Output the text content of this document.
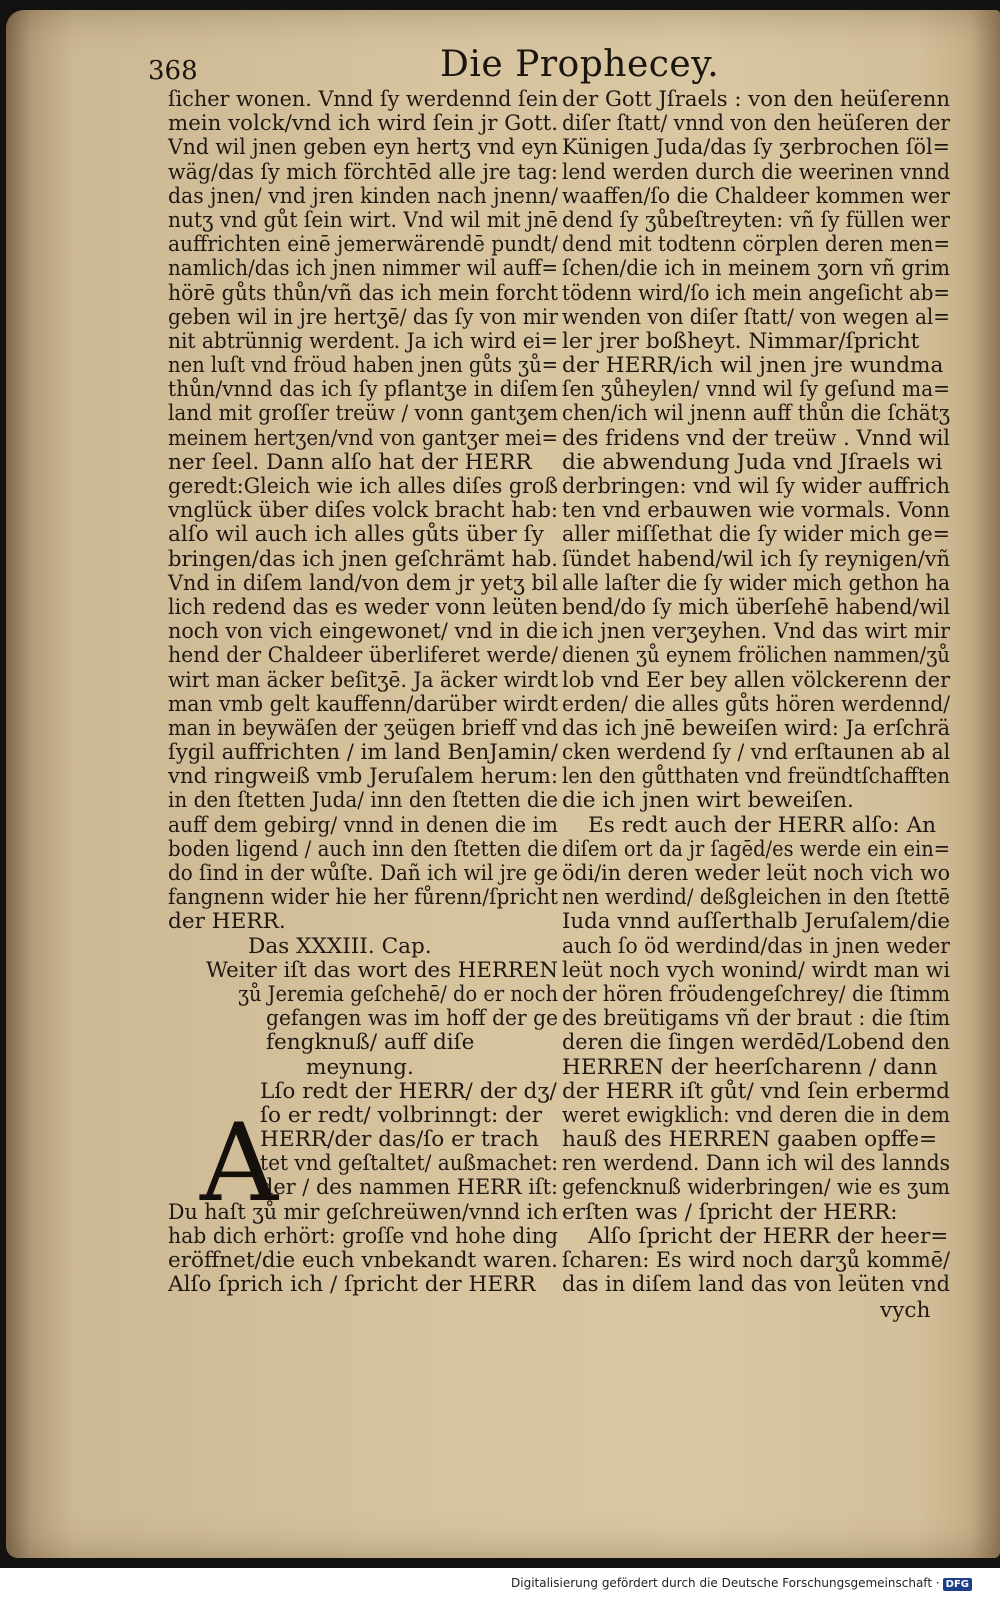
368	Die Prophecey.
ſicher wonen. Vnnd ſy werdennd ſein
mein volck/vnd ich wird ſein jr Gott.
Vnd wil jnen geben eyn hertʒ vnd eyn
wäg/das ſy mich förchtēd alle jre tag:
das jnen/ vnd jren kinden nach jnenn/
nutʒ vnd gůt ſein wirt. Vnd wil mit jnē
auffrichten einē jemerwärendē pundt/
namlich/das ich jnen nimmer wil auff=
hörē gůts thůn/vñ das ich mein forcht
geben wil in jre hertʒē/ das ſy von mir
nit abtrünnig werdent. Ja ich wird ei=
nen luſt vnd fröud haben jnen gůts ʒů=
thůn/vnnd das ich ſy pflantʒe in diſem
land mit groſſer treüw / vonn gantʒem
meinem hertʒen/vnd von gantʒer mei=
ner ſeel. Dann alſo hat der HERR
geredt:Gleich wie ich alles diſes groß
vnglück über diſes volck bracht hab:
alſo wil auch ich alles gůts über ſy
bringen/das ich jnen geſchrämt hab.
Vnd in diſem land/von dem jr yetʒ bil
lich redend das es weder vonn leüten
noch von vich eingewonet/ vnd in die
hend der Chaldeer überliferet werde/
wirt man äcker beſitʒē. Ja äcker wirdt
man vmb gelt kauffenn/darüber wirdt
man in beywäſen der ʒeügen brieff vnd
ſygil auffrichten / im land BenJamin/
vnd ringweiß vmb Jeruſalem herum:
in den ſtetten Juda/ inn den ſtetten die
auff dem gebirg/ vnnd in denen die im
boden ligend / auch inn den ſtetten die
do ſind in der wůſte. Dañ ich wil jre ge
fangnenn wider hie her fůrenn/ſpricht
der HERR.
Das XXXIII. Cap.
Weiter iſt das wort des HERREN
ʒů Jeremia geſchehē/ do er noch
gefangen was im hoff der ge
fengknuß/ auff diſe
meynung.
Lſo redt der HERR/ der dʒ/
ſo er redt/ volbrinngt: der
HERR/der das/ſo er trach
tet vnd geſtaltet/ außmachet:
der / des nammen HERR iſt:
Du haſt ʒů mir geſchreüwen/vnnd ich
hab dich erhört: groſſe vnd hohe ding
eröffnet/die euch vnbekandt waren.
Alſo ſprich ich / ſpricht der HERR
der Gott Jſraels : von den heüſerenn
diſer ſtatt/ vnnd von den heüſeren der
Künigen Juda/das ſy ʒerbrochen ſöl=
lend werden durch die weerinen vnnd
waaffen/ſo die Chaldeer kommen wer
dend ſy ʒůbeſtreyten: vñ ſy füllen wer
dend mit todtenn cörplen deren men=
ſchen/die ich in meinem ʒorn vñ grim
tödenn wird/ſo ich mein angeſicht ab=
wenden von diſer ſtatt/ von wegen al=
ler jrer boßheyt. Nimmar/ſpricht
der HERR/ich wil jnen jre wundma
ſen ʒůheylen/ vnnd wil ſy geſund ma=
chen/ich wil jnenn auff thůn die ſchätʒ
des fridens vnd der treüw . Vnnd wil
die abwendung Juda vnd Jſraels wi
derbringen: vnd wil ſy wider auffrich
ten vnd erbauwen wie vormals. Vonn
aller miſſethat die ſy wider mich ge=
ſündet habend/wil ich ſy reynigen/vñ
alle laſter die ſy wider mich gethon ha
bend/do ſy mich überſehē habend/wil
ich jnen verʒeyhen. Vnd das wirt mir
dienen ʒů eynem frölichen nammen/ʒů
lob vnd Eer bey allen völckerenn der
erden/ die alles gůts hören werdennd/
das ich jnē beweiſen wird: Ja erſchrä
cken werdend ſy / vnd erſtaunen ab al
len den gůtthaten vnd freündtſchafften
die ich jnen wirt beweiſen.
Es redt auch der HERR alſo: An
diſem ort da jr ſagēd/es werde ein ein=
ödi/in deren weder leüt noch vich wo
nen werdind/ deßgleichen in den ſtettē
Iuda vnnd auſſerthalb Jeruſalem/die
auch ſo öd werdind/das in jnen weder
leüt noch vych wonind/ wirdt man wi
der hören fröudengeſchrey/ die ſtimm
des breütigams vñ der braut : die ſtim
deren die ſingen werdēd/Lobend den
HERREN der heerſcharenn / dann
der HERR iſt gůt/ vnd ſein erbermd
weret ewigklich: vnd deren die in dem
hauß des HERREN gaaben opffe=
ren werdend. Dann ich wil des lannds
gefencknuß widerbringen/ wie es ʒum
erſten was / ſpricht der HERR:
Alſo ſpricht der HERR der heer=
ſcharen: Es wird noch darʒů kommē/
das in diſem land das von leüten vnd
A
vych
Digitalisierung gefördert durch die Deutsche Forschungsgemeinschaft · DFG
